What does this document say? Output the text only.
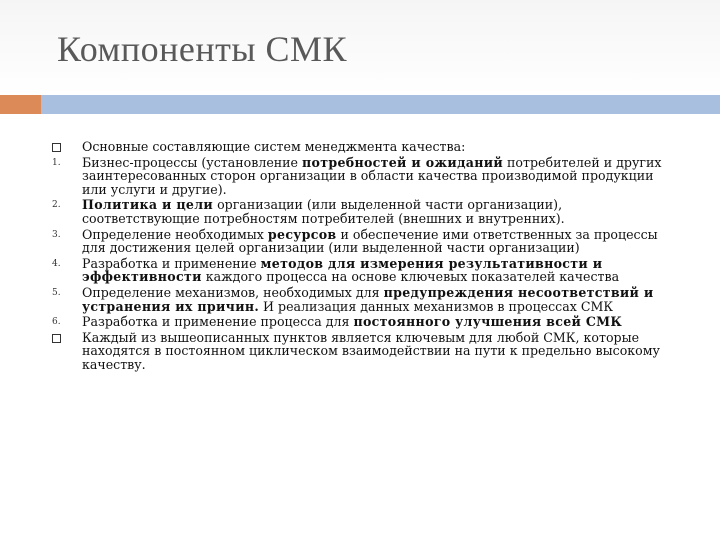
Компоненты СМК
Основные составляющие систем менеджмента качества:
1. Бизнес-процессы (установление потребностей и ожиданий потребителей и других заинтересованных сторон организации в области качества производимой продукции или услуги и другие).
2. Политика и цели организации (или выделенной части организации), соответствующие потребностям потребителей (внешних и внутренних).
3. Определение необходимых ресурсов и обеспечение ими ответственных за процессы для достижения целей организации (или выделенной части организации)
4. Разработка и применение методов для измерения результативности и эффективности каждого процесса на основе ключевых показателей качества
5. Определение механизмов, необходимых для предупреждения несоответствий и устранения их причин. И реализация данных механизмов в процессах СМК
6. Разработка и применение процесса для постоянного улучшения всей СМК
Каждый из вышеописанных пунктов является ключевым для любой СМК, которые находятся в постоянном циклическом взаимодействии на пути к предельно высокому качеству.
